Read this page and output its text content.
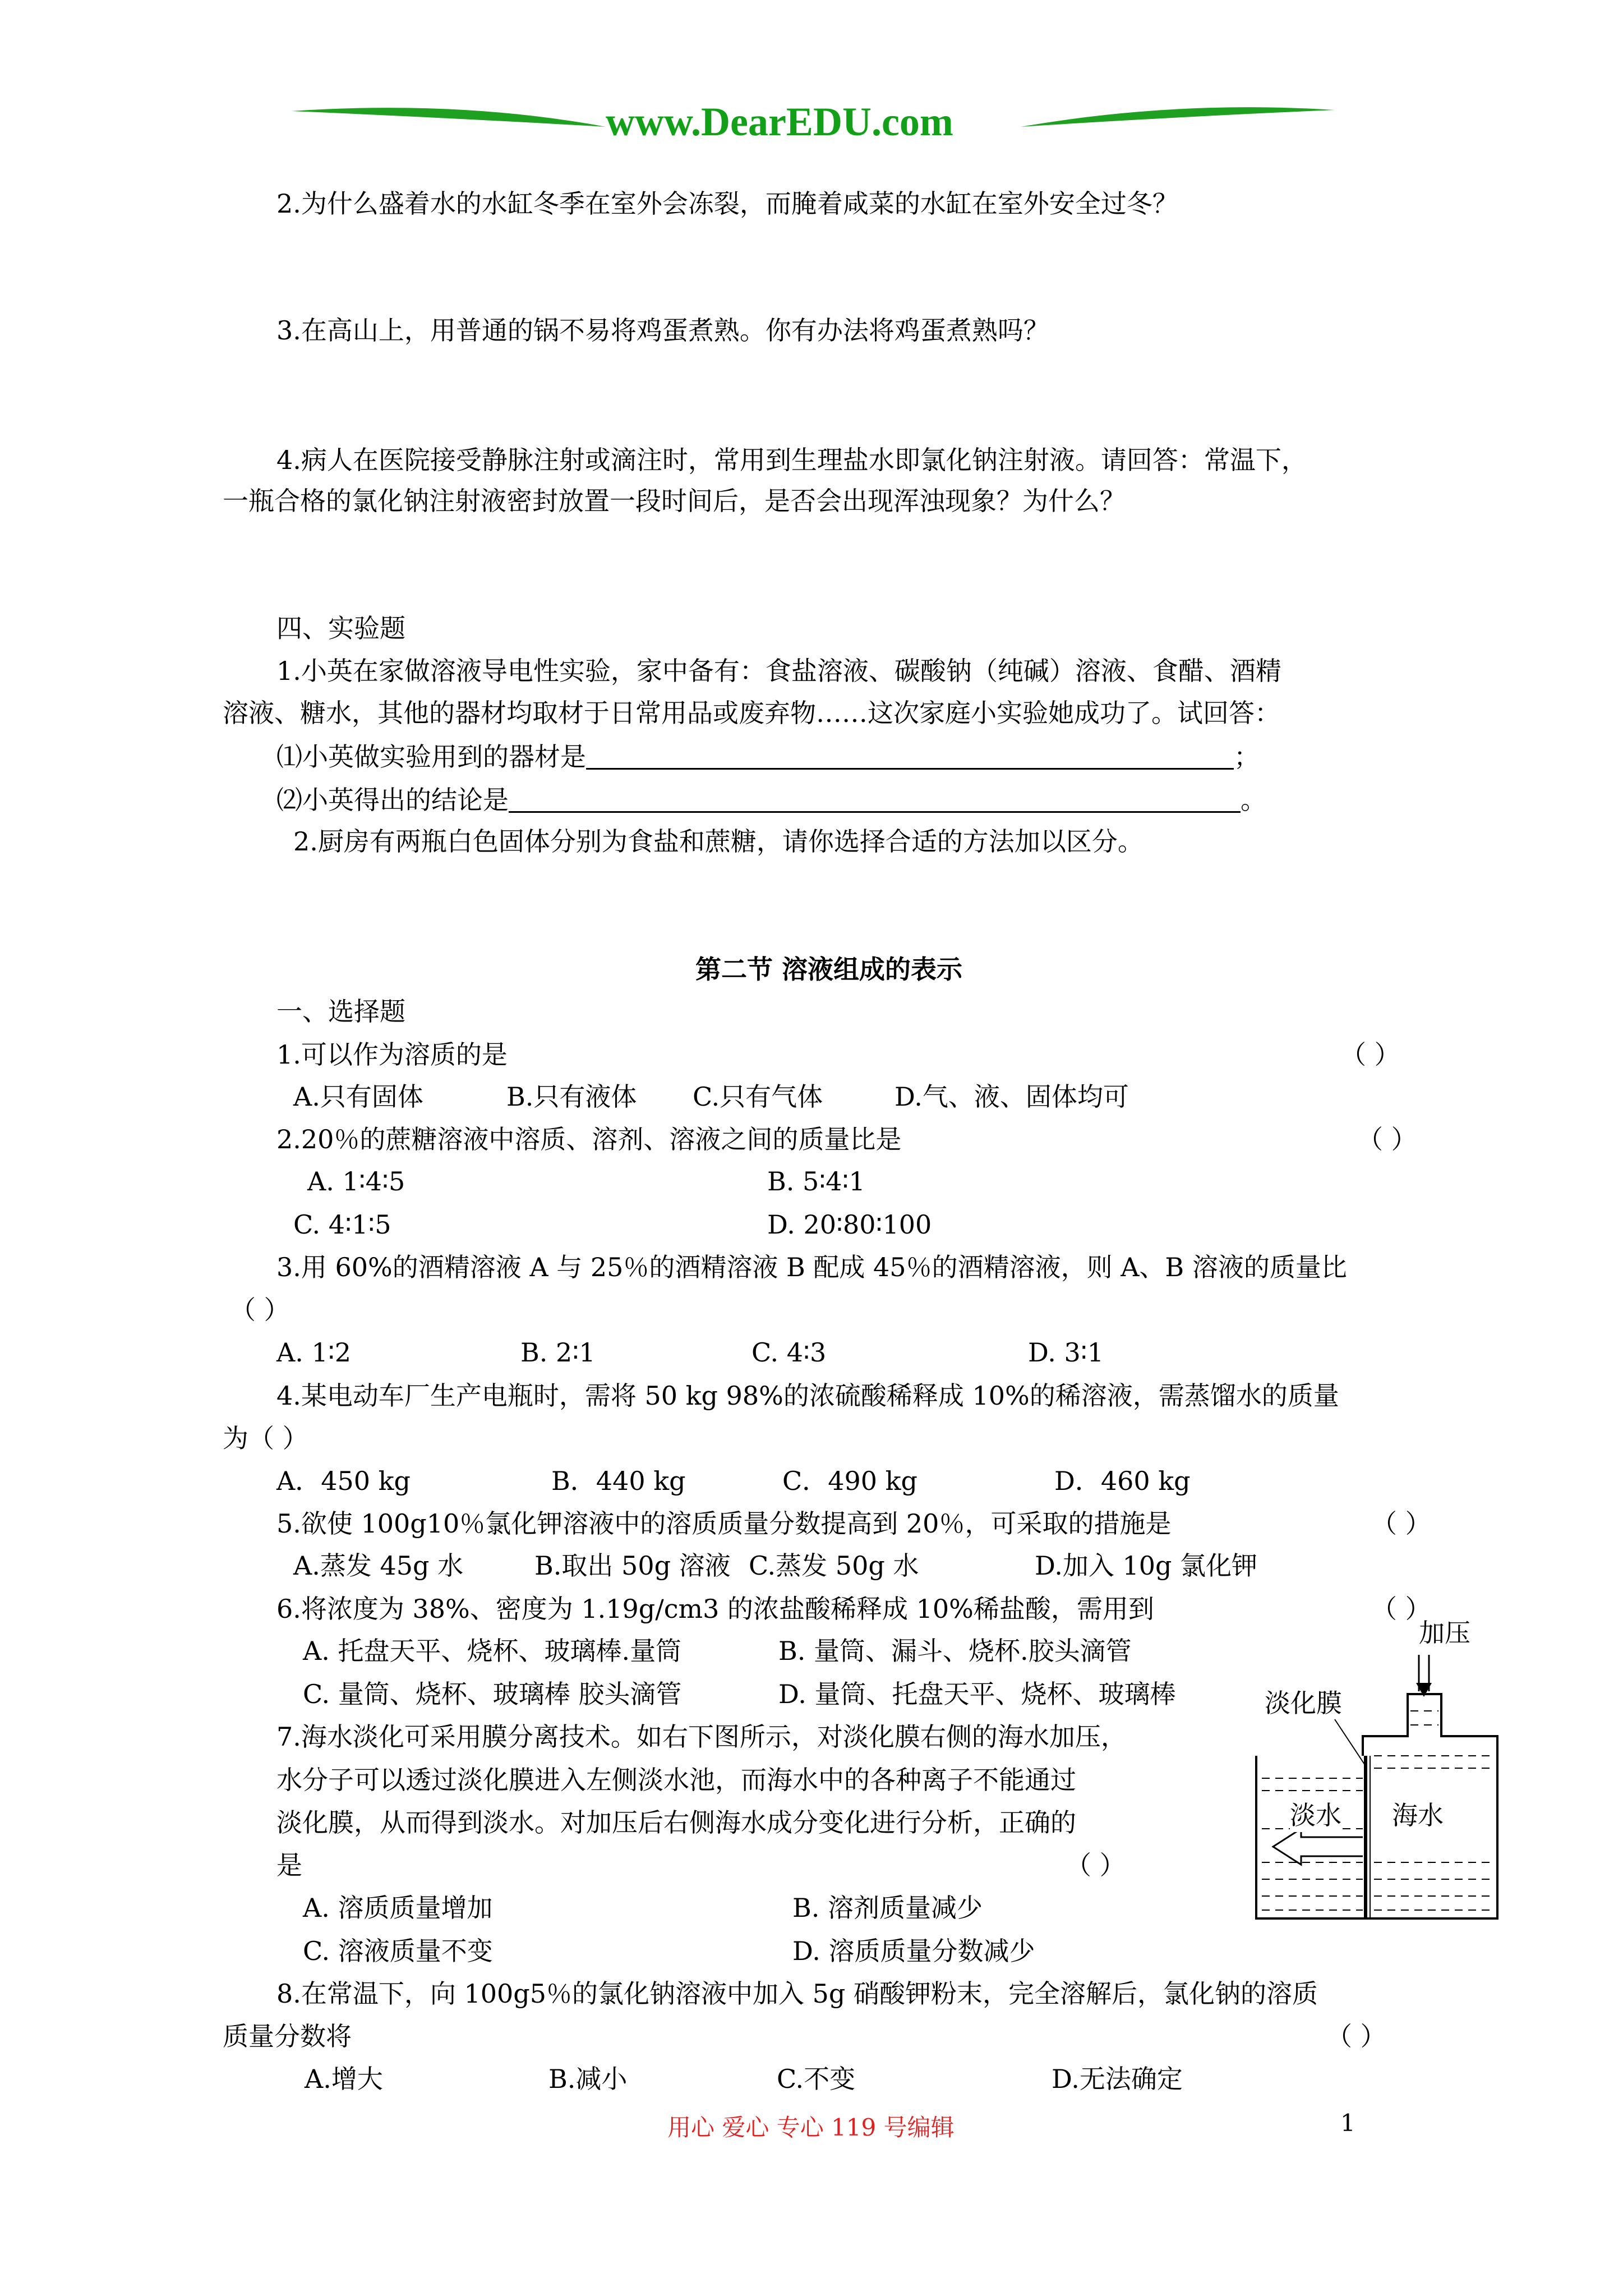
www.DearEDU.com
2.为什么盛着水的水缸冬季在室外会冻裂，而腌着咸菜的水缸在室外安全过冬？
3.在高山上，用普通的锅不易将鸡蛋煮熟。你有办法将鸡蛋煮熟吗？
4.病人在医院接受静脉注射或滴注时，常用到生理盐水即氯化钠注射液。请回答：常温下，
一瓶合格的氯化钠注射液密封放置一段时间后，是否会出现浑浊现象？为什么？
四、实验题
1.小英在家做溶液导电性实验，家中备有：食盐溶液、碳酸钠（纯碱）溶液、食醋、酒精
溶液、糖水，其他的器材均取材于日常用品或废弃物……这次家庭小实验她成功了。试回答：
⑴小英做实验用到的器材是	；
⑵小英得出的结论是	。
2.厨房有两瓶白色固体分别为食盐和蔗糖，请你选择合适的方法加以区分。
第二节 溶液组成的表示
一、选择题
1.可以作为溶质的是	（ ）
A.只有固体	B.只有液体 C.只有气体	D.气、液、固体均可
2.20％的蔗糖溶液中溶质、溶剂、溶液之间的质量比是	（ ）
A. 1∶4∶5	B. 5∶4∶1
C. 4∶1∶5	D. 20∶80∶100
3.用 60%的酒精溶液 A 与 25％的酒精溶液 B 配成 45％的酒精溶液，则 A、B 溶液的质量比
（ ）
A. 1∶2	B. 2∶1	C. 4∶3	D. 3∶1
4.某电动车厂生产电瓶时，需将 50 kg 98%的浓硫酸稀释成 10%的稀溶液，需蒸馏水的质量
为（ ）
A．450 kg	B．440 kg	C．490 kg	D．460 kg
5.欲使 100g10％氯化钾溶液中的溶质质量分数提高到 20％，可采取的措施是	（ ）
A.蒸发 45g 水	B.取出 50g 溶液 C.蒸发 50g 水	D.加入 10g 氯化钾
6.将浓度为 38%、密度为 1.19g/cm3 的浓盐酸稀释成 10%稀盐酸，需用到	（ ）
A. 托盘天平、烧杯、玻璃棒.量筒	B. 量筒、漏斗、烧杯.胶头滴管
C. 量筒、烧杯、玻璃棒 胶头滴管	D. 量筒、托盘天平、烧杯、玻璃棒
7.海水淡化可采用膜分离技术。如右下图所示，对淡化膜右侧的海水加压，
水分子可以透过淡化膜进入左侧淡水池，而海水中的各种离子不能通过
淡化膜，从而得到淡水。对加压后右侧海水成分变化进行分析，正确的
是	（ ）
A. 溶质质量增加	B. 溶剂质量减少
C. 溶液质量不变	D. 溶质质量分数减少
8.在常温下，向 100g5％的氯化钠溶液中加入 5g 硝酸钾粉末，完全溶解后，氯化钠的溶质
质量分数将	（ ）
A.增大	B.减小	C.不变	D.无法确定
加压
淡化膜
淡水 海水
用心 爱心 专心 119 号编辑	1
